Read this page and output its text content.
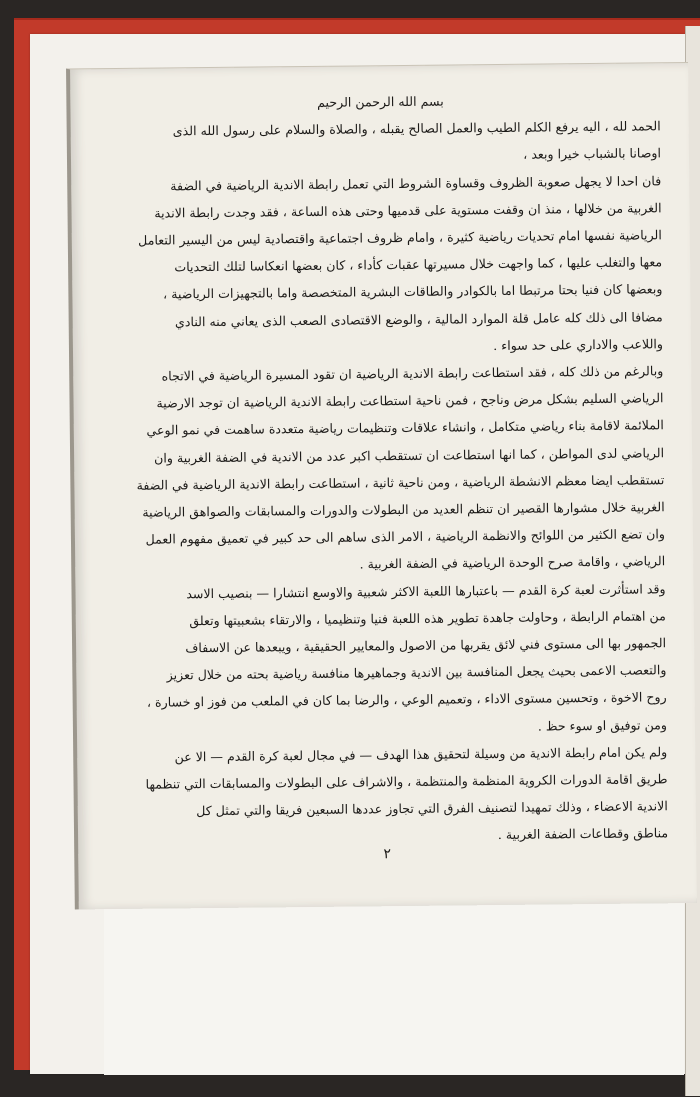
بسم الله الرحمن الرحيم

الحمد لله ، اليه يرفع الكلم الطيب والعمل الصالح يقبله ، والصلاة والسلام على رسول الله الذى
اوصانا بالشباب خيرا وبعد ،
فان احدا لا يجهل صعوبة الظروف وقساوة الشروط التي تعمل رابطة الاندية الرياضية في الضفة
الغربية من خلالها ، منذ ان وقفت مستوية على قدميها وحتى هذه الساعة ، فقد وجدت رابطة الاندية
الرياضية نفسها امام تحديات رياضية كثيرة ، وامام ظروف اجتماعية واقتصادية ليس من اليسير التعامل
معها والتغلب عليها ، كما واجهت خلال مسيرتها عقبات كأداء ، كان بعضها انعكاسا لتلك التحديات
وبعضها كان فنيا بحتا مرتبطا اما بالكوادر والطاقات البشرية المتخصصة واما بالتجهيزات الرياضية ،
مضافا الى ذلك كله عامل قلة الموارد المالية ، والوضع الاقتصادى الصعب الذى يعاني منه النادي
واللاعب والاداري على حد سواء .
وبالرغم من ذلك كله ، فقد استطاعت رابطة الاندية الرياضية ان تقود المسيرة الرياضية في الاتجاه
الرياضي السليم بشكل مرض وناجح ، فمن ناحية استطاعت رابطة الاندية الرياضية ان توجد الارضية
الملائمة لاقامة بناء رياضي متكامل ، وانشاء علاقات وتنظيمات رياضية متعددة ساهمت في نمو الوعي
الرياضي لدى المواطن ، كما انها استطاعت ان تستقطب اكبر عدد من الاندية في الضفة الغربية وان
تستقطب ايضا معظم الانشطة الرياضية ، ومن ناحية ثانية ، استطاعت رابطة الاندية الرياضية في الضفة
الغربية خلال مشوارها القصير ان تنظم العديد من البطولات والدورات والمسابقات والصواهق الرياضية
وان تضع الكثير من اللوائح والانظمة الرياضية ، الامر الذى ساهم الى حد كبير في تعميق مفهوم العمل
الرياضي ، واقامة صرح الوحدة الرياضية في الضفة الغربية .
وقد استأثرت لعبة كرة القدم — باعتبارها اللعبة الاكثر شعبية والاوسع انتشارا — بنصيب الاسد
من اهتمام الرابطة ، وحاولت جاهدة تطوير هذه اللعبة فنيا وتنظيميا ، والارتقاء بشعبيتها وتعلق
الجمهور بها الى مستوى فني لائق يقربها من الاصول والمعايير الحقيقية ، ويبعدها عن الاسفاف
والتعصب الاعمى بحيث يجعل المنافسة بين الاندية وجماهيرها منافسة رياضية بحته من خلال تعزيز
روح الاخوة ، وتحسين مستوى الاداء ، وتعميم الوعي ، والرضا بما كان في الملعب من فوز او خسارة ،
ومن توفيق او سوء حظ .
ولم يكن امام رابطة الاندية من وسيلة لتحقيق هذا الهدف — في مجال لعبة كرة القدم — الا عن
طريق اقامة الدورات الكروية المنظمة والمنتظمة ، والاشراف على البطولات والمسابقات التي تنظمها
الاندية الاعضاء ، وذلك تمهيدا لتصنيف الفرق التي تجاوز عددها السبعين فريقا والتي تمثل كل
مناطق وقطاعات الضفة الغربية .
٢
